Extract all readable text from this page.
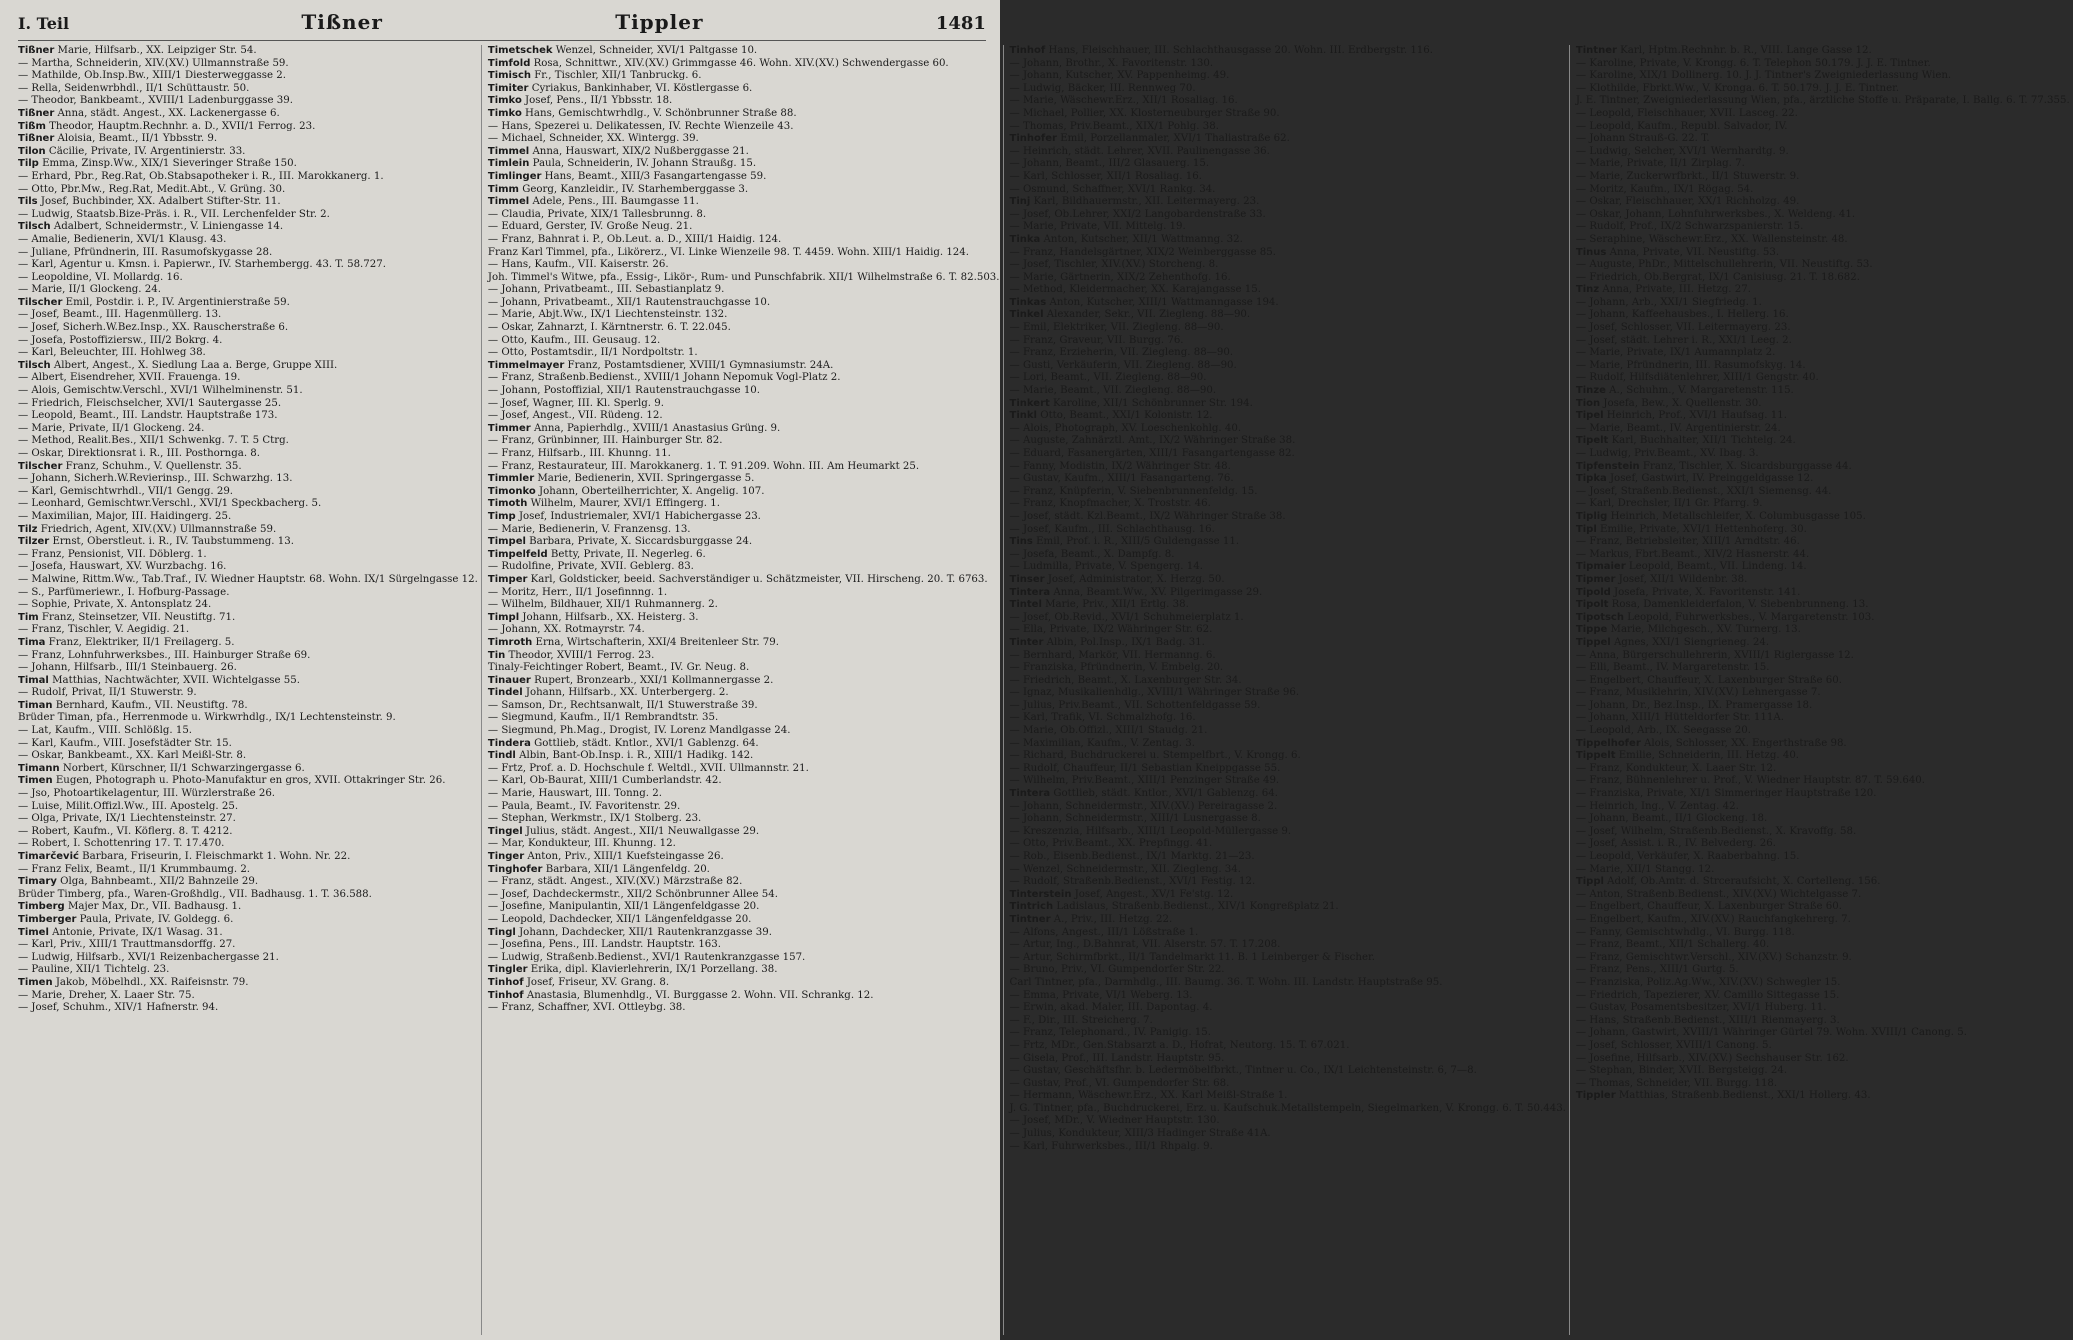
I. Teil	Tißner	Tippler	1481
Tißner Marie, Hilfsarb., XX. Leipziger Str. 54.
— Martha, Schneiderin, XIV.(XV.) Ullmannstraße 59.
— Mathilde, Ob.Insp.Bw., XIII/1 Diesterweggasse 2.
— Rella, Seidenwrbhdl., II/1 Schüttaustr. 50.
— Theodor, Bankbeamt., XVIII/1 Ladenburggasse 39.
Tißner Anna, städt. Angest., XX. Lackenergasse 6.
Tißm Theodor, Hauptm.Rechnhr. a. D., XVII/1 Ferrog. 23.
Tißner Aloisia, Beamt., II/1 Ybbsstr. 9.
Tilon Cäcilie, Private, IV. Argentinierstr. 33.
Tilp Emma, Zinsp.Ww., XIX/1 Sieveringer Straße 150.
— Erhard, Pbr., Reg.Rat, Ob.Stabsapotheker i. R., III. Marokkanerg. 1.
— Otto, Pbr.Mw., Reg.Rat, Medit.Abt., V. Grüng. 30.
Tils Josef, Buchbinder, XX. Adalbert Stifter-Str. 11.
— Ludwig, Staatsb.Bize-Präs. i. R., VII. Lerchenfelder Str. 2.
Tilsch Adalbert, Schneidermstr., V. Liniengasse 14.
— Amalie, Bedienerin, XVI/1 Klausg. 43.
— Juliane, Pfründnerin, III. Rasumofskygasse 28.
— Karl, Agentur u. Kmsn. i. Papierwr., IV. Starhembergg. 43. T. 58.727.
— Leopoldine, VI. Mollardg. 16.
— Marie, II/1 Glockeng. 24.
Tilscher Emil, Postdir. i. P., IV. Argentinierstraße 59.
— Josef, Beamt., III. Hagenmüllerg. 13.
— Josef, Sicherh.W.Bez.Insp., XX. Rauscherstraße 6.
— Josefa, Postoffiziersw., III/2 Bokrg. 4.
— Karl, Beleuchter, III. Hohlweg 38.
Tilsch Albert, Angest., X. Siedlung Laa a. Berge, Gruppe XIII.
— Albert, Eisendreher, XVII. Frauenga. 19.
— Alois, Gemischtw.Verschl., XVI/1 Wilhelminenstr. 51.
— Friedrich, Fleischselcher, XVI/1 Sautergasse 25.
— Leopold, Beamt., III. Landstr. Hauptstraße 173.
— Marie, Private, II/1 Glockeng. 24.
— Method, Realit.Bes., XII/1 Schwenkg. 7. T. 5 Ctrg.
— Oskar, Direktionsrat i. R., III. Posthornga. 8.
Tilscher Franz, Schuhm., V. Quellenstr. 35.
— Johann, Sicherh.W.Revierinsp., III. Schwarzhg. 13.
— Karl, Gemischtwrhdl., VII/1 Gengg. 29.
— Leonhard, Gemischtwr.Verschl., XVI/1 Speckbacherg. 5.
— Maximilian, Major, III. Haidingerg. 25.
Tilz Friedrich, Agent, XIV.(XV.) Ullmannstraße 59.
Tilzer Ernst, Oberstleut. i. R., IV. Taubstummeng. 13.
— Franz, Pensionist, VII. Döblerg. 1.
— Josefa, Hauswart, XV. Wurzbachg. 16.
— Malwine, Rittm.Ww., Tab.Traf., IV. Wiedner Hauptstr. 68. Wohn. IX/1 Sürgelngasse 12.
— S., Parfümeriewr., I. Hofburg-Passage.
— Sophie, Private, X. Antonsplatz 24.
Tim Franz, Steinsetzer, VII. Neustiftg. 71.
— Franz, Tischler, V. Aegidig. 21.
Tima Franz, Elektriker, II/1 Freilagerg. 5.
— Franz, Lohnfuhrwerksbes., III. Hainburger Straße 69.
— Johann, Hilfsarb., III/1 Steinbauerg. 26.
Timal Matthias, Nachtwächter, XVII. Wichtelgasse 55.
— Rudolf, Privat, II/1 Stuwerstr. 9.
Timan Bernhard, Kaufm., VII. Neustiftg. 78.
Brüder Timan, pfa., Herrenmode u. Wirkwrhdlg., IX/1 Lechtensteinstr. 9.
— Lat, Kaufm., VIII. Schlößlg. 15.
— Karl, Kaufm., VIII. Josefstädter Str. 15.
— Oskar, Bankbeamt., XX. Karl Meißl-Str. 8.
Timann Norbert, Kürschner, II/1 Schwarzingergasse 6.
Timen Eugen, Photograph u. Photo-Manufaktur en gros, XVII. Ottakringer Str. 26.
— Jso, Photoartikelagentur, III. Würzlerstraße 26.
— Luise, Milit.Offizl.Ww., III. Apostelg. 25.
— Olga, Private, IX/1 Liechtensteinstr. 27.
— Robert, Kaufm., VI. Köflerg. 8. T. 4212.
— Robert, I. Schottenring 17. T. 17.470.
Timarčević Barbara, Friseurin, I. Fleischmarkt 1. Wohn. Nr. 22.
— Franz Felix, Beamt., II/1 Krummbaumg. 2.
Timary Olga, Bahnbeamt., XII/2 Bahnzeile 29.
Brüder Timberg, pfa., Waren-Großhdlg., VII. Badhausg. 1. T. 36.588.
Timberg Majer Max, Dr., VII. Badhausg. 1.
Timberger Paula, Private, IV. Goldegg. 6.
Timel Antonie, Private, IX/1 Wasag. 31.
— Karl, Priv., XIII/1 Trauttmansdorffg. 27.
— Ludwig, Hilfsarb., XVI/1 Reizenbachergasse 21.
— Pauline, XII/1 Tichtelg. 23.
Timen Jakob, Möbelhdl., XX. Raifeisnstr. 79.
— Marie, Dreher, X. Laaer Str. 75.
— Josef, Schuhm., XIV/1 Hafnerstr. 94.
Timetschek Wenzel, Schneider, XVI/1 Paltgasse 10.
Timfold Rosa, Schnittwr., XIV.(XV.) Grimmgasse 46. Wohn. XIV.(XV.) Schwendergasse 60.
Timisch Fr., Tischler, XII/1 Tanbruckg. 6.
Timiter Cyriakus, Bankinhaber, VI. Köstlergasse 6.
Timko Josef, Pens., II/1 Ybbsstr. 18.
Timko Hans, Gemischtwrhdlg., V. Schönbrunner Straße 88.
— Hans, Spezerei u. Delikatessen, IV. Rechte Wienzeile 43.
— Michael, Schneider, XX. Wintergg. 39.
Timmel Anna, Hauswart, XIX/2 Nußberggasse 21.
Timlein Paula, Schneiderin, IV. Johann Straußg. 15.
Timlinger Hans, Beamt., XIII/3 Fasangartengasse 59.
Timm Georg, Kanzleidir., IV. Starhemberggasse 3.
Timmel Adele, Pens., III. Baumgasse 11.
— Claudia, Private, XIX/1 Tallesbrunng. 8.
— Eduard, Gerster, IV. Große Neug. 21.
— Franz, Bahnrat i. P., Ob.Leut. a. D., XIII/1 Haidig. 124.
Franz Karl Timmel, pfa., Likörerz., VI. Linke Wienzeile 98. T. 4459. Wohn. XIII/1 Haidig. 124.
— Hans, Kaufm., VII. Kaiserstr. 26.
Joh. Timmel's Witwe, pfa., Essig-, Likör-, Rum- und Punschfabrik. XII/1 Wilhelmstraße 6. T. 82.503.
— Johann, Privatbeamt., III. Sebastianplatz 9.
— Johann, Privatbeamt., XII/1 Rautenstrauchgasse 10.
— Marie, Abjt.Ww., IX/1 Liechtensteinstr. 132.
— Oskar, Zahnarzt, I. Kärntnerstr. 6. T. 22.045.
— Otto, Kaufm., III. Geusaug. 12.
— Otto, Postamtsdir., II/1 Nordpoltstr. 1.
Timmelmayer Franz, Postamtsdiener, XVIII/1 Gymnasiumstr. 24A.
— Franz, Straßenb.Bedienst., XVIII/1 Johann Nepomuk Vogl-Platz 2.
— Johann, Postoffizial, XII/1 Rautenstrauchgasse 10.
— Josef, Wagner, III. Kl. Sperlg. 9.
— Josef, Angest., VII. Rüdeng. 12.
Timmer Anna, Papierhdlg., XVIII/1 Anastasius Grüng. 9.
— Franz, Grünbinner, III. Hainburger Str. 82.
— Franz, Hilfsarb., III. Khunng. 11.
— Franz, Restaurateur, III. Marokkanerg. 1. T. 91.209. Wohn. III. Am Heumarkt 25.
Timmler Marie, Bedienerin, XVII. Springergasse 5.
Timonko Johann, Oberteilherrichter, X. Angelig. 107.
Timoth Wilhelm, Maurer, XVI/1 Effingerg. 1.
Timp Josef, Industriemaler, XVI/1 Habichergasse 23.
— Marie, Bedienerin, V. Franzensg. 13.
Timpel Barbara, Private, X. Siccardsburggasse 24.
Timpelfeld Betty, Private, II. Negerleg. 6.
— Rudolfine, Private, XVII. Geblerg. 83.
Timper Karl, Goldsticker, beeid. Sachverständiger u. Schätzmeister, VII. Hirscheng. 20. T. 6763.
— Moritz, Herr., II/1 Josefinnng. 1.
— Wilhelm, Bildhauer, XII/1 Ruhmannerg. 2.
Timpl Johann, Hilfsarb., XX. Heisterg. 3.
— Johann, XX. Rotmayrstr. 74.
Timroth Erna, Wirtschafterin, XXI/4 Breitenleer Str. 79.
Tin Theodor, XVIII/1 Ferrog. 23.
Tinaly-Feichtinger Robert, Beamt., IV. Gr. Neug. 8.
Tinauer Rupert, Bronzearb., XXI/1 Kollmannergasse 2.
Tindel Johann, Hilfsarb., XX. Unterbergerg. 2.
— Samson, Dr., Rechtsanwalt, II/1 Stuwerstraße 39.
— Siegmund, Kaufm., II/1 Rembrandtstr. 35.
— Siegmund, Ph.Mag., Drogist, IV. Lorenz Mandlgasse 24.
Tindera Gottlieb, städt. Kntlor., XVI/1 Gablenzg. 64.
Tindl Albin, Bant-Ob.Insp. i. R., XIII/1 Hadikg. 142.
— Frtz, Prof. a. D. Hochschule f. Weltdl., XVII. Ullmannstr. 21.
— Karl, Ob-Baurat, XIII/1 Cumberlandstr. 42.
— Marie, Hauswart, III. Tonng. 2.
— Paula, Beamt., IV. Favoritenstr. 29.
— Stephan, Werkmstr., IX/1 Stolberg. 23.
Tingel Julius, städt. Angest., XII/1 Neuwallgasse 29.
— Mar, Kondukteur, III. Khunng. 12.
Tinger Anton, Priv., XIII/1 Kuefsteingasse 26.
Tinghofer Barbara, XII/1 Längenfeldg. 20.
— Franz, städt. Angest., XIV.(XV.) Märzstraße 82.
— Josef, Dachdeckermstr., XII/2 Schönbrunner Allee 54.
— Josefine, Manipulantin, XII/1 Längenfeldgasse 20.
— Leopold, Dachdecker, XII/1 Längenfeldgasse 20.
Tingl Johann, Dachdecker, XII/1 Rautenkranzgasse 39.
— Josefina, Pens., III. Landstr. Hauptstr. 163.
— Ludwig, Straßenb.Bedienst., XVI/1 Rautenkranzgasse 157.
Tingler Erika, dipl. Klavierlehrerin, IX/1 Porzellang. 38.
Tinhof Josef, Friseur, XV. Grang. 8.
Tinhof Anastasia, Blumenhdlg., VI. Burggasse 2. Wohn. VII. Schrankg. 12.
— Franz, Schaffner, XVI. Ottleybg. 38.
Tinhof Hans, Fleischhauer, III. Schlachthausgasse 20. Wohn. III. Erdbergstr. 116.
— Johann, Brothr., X. Favoritenstr. 130.
— Johann, Kutscher, XV. Pappenheimg. 49.
— Ludwig, Bäcker, III. Rennweg 70.
— Marie, Wäschewr.Erz., XII/1 Rosaliag. 16.
— Michael, Pollier, XX. Klosterneuburger Straße 90.
— Thomas, Priv.Beamt., XIX/1 Pohlg. 38.
Tinhofer Emil, Porzellanmaler, XVI/1 Thaliastraße 62.
— Heinrich, städt. Lehrer, XVII. Paulinengasse 36.
— Johann, Beamt., III/2 Glasauerg. 15.
— Karl, Schlosser, XII/1 Rosaliag. 16.
— Osmund, Schaffner, XVI/1 Rankg. 34.
Tinj Karl, Bildhauermstr., XII. Leitermayerg. 23.
— Josef, Ob.Lehrer, XXI/2 Langobardenstraße 33.
— Marie, Private, VII. Mittelg. 19.
Tinka Anton, Kutscher, XII/1 Wattmanng. 32.
— Franz, Handelsgärtner, XIX/2 Weinberggasse 85.
— Josef, Tischler, XIV.(XV.) Storcheng. 8.
— Marie, Gärtnerin, XIX/2 Zehenthofg. 16.
— Method, Kleidermacher, XX. Karajangasse 15.
Tinkas Anton, Kutscher, XIII/1 Wattmanngasse 194.
Tinkel Alexander, Sekr., VII. Ziegleng. 88—90.
— Emil, Elektriker, VII. Ziegleng. 88—90.
— Franz, Graveur, VII. Burgg. 76.
— Franz, Erzieherin, VII. Ziegleng. 88—90.
— Gusti, Verkäuferin, VII. Ziegleng. 88—90.
— Lori, Beamt., VII. Ziegleng. 88—90.
— Marie, Beamt., VII. Ziegleng. 88—90.
Tinkert Karoline, XII/1 Schönbrunner Str. 194.
Tinkl Otto, Beamt., XXI/1 Kolonistr. 12.
— Alois, Photograph, XV. Loeschenkohlg. 40.
— Auguste, Zahnärztl. Amt., IX/2 Währinger Straße 38.
— Eduard, Fasanergärten, XIII/1 Fasangartengasse 82.
— Fanny, Modistin, IX/2 Währinger Str. 48.
— Gustav, Kaufm., XIII/1 Fasangarteng. 76.
— Franz, Knüpferin, V. Siebenbrunnenfeldg. 15.
— Franz, Knopfmacher, X. Troststr. 46.
— Josef, städt. Kzl.Beamt., IX/2 Währinger Straße 38.
— Josef, Kaufm., III. Schlachthausg. 16.
Tins Emil, Prof. i. R., XIII/5 Guldengasse 11.
— Josefa, Beamt., X. Dampfg. 8.
— Ludmilla, Private, V. Spengerg. 14.
Tinser Josef, Administrator, X. Herzg. 50.
Tintera Anna, Beamt.Ww., XV. Pilgerimgasse 29.
Tintel Marie, Priv., XII/1 Ertlg. 38.
— Josef, Ob.Revid., XVI/1 Schuhmeierplatz 1.
— Ella, Private, IX/2 Währinger Str. 62.
Tinter Albin, Pol.Insp., IX/1 Badg. 31.
— Bernhard, Markör, VII. Hermanng. 6.
— Franziska, Pfründnerin, V. Embelg. 20.
— Friedrich, Beamt., X. Laxenburger Str. 34.
— Ignaz, Musikalienhdlg., XVIII/1 Währinger Straße 96.
— Julius, Priv.Beamt., VII. Schottenfeldgasse 59.
— Karl, Trafik, VI. Schmalzhofg. 16.
— Marie, Ob.Offizl., XIII/1 Staudg. 21.
— Maximilian, Kaufm., V. Zentag. 3.
— Richard, Buchdruckerei u. Stempelfbrt., V. Krongg. 6.
— Rudolf, Chauffeur, II/1 Sebastian Kneippgasse 55.
— Wilhelm, Priv.Beamt., XIII/1 Penzinger Straße 49.
Tintera Gottlieb, städt. Kntlor., XVI/1 Gablenzg. 64.
— Johann, Schneidermstr., XIV.(XV.) Pereiragasse 2.
— Johann, Schneidermstr., XIII/1 Lusnergasse 8.
— Kreszenzia, Hilfsarb., XIII/1 Leopold-Müllergasse 9.
— Otto, Priv.Beamt., XX. Prepfingg. 41.
— Rob., Eisenb.Bedienst., IX/1 Marktg. 21—23.
— Wenzel, Schneidermstr., XII. Ziegleng. 34.
— Rudolf, Straßenb.Bedienst., XVI/1 Festig. 12.
Tinterstein Josef, Angest., XV/1 Fe'stg. 12.
Tintrich Ladislaus, Straßenb.Bedienst., XIV/1 Kongreßplatz 21.
Tintner A., Priv., III. Hetzg. 22.
— Alfons, Angest., III/1 Lößstraße 1.
— Artur, Ing., D.Bahnrat, VII. Alserstr. 57. T. 17.208.
— Artur, Schirmfbrkt., II/1 Tandelmarkt 11. B. 1 Leinberger & Fischer.
— Bruno, Priv., VI. Gumpendorfer Str. 22.
Carl Tintner, pfa., Darmhdlg., III. Baumg. 36. T. Wohn. III. Landstr. Hauptstraße 95.
— Emma, Private, VI/1 Weberg. 13.
— Erwin, akad. Maler, III. Dapontag. 4.
— F., Dir., III. Streicherg. 7.
— Franz, Telephonard., IV. Panigig. 15.
— Frtz, MDr., Gen.Stabsarzt a. D., Hofrat, Neutorg. 15. T. 67.021.
— Gisela, Prof., III. Landstr. Hauptstr. 95.
— Gustav, Geschäftsfhr. b. Ledermöbelfbrkt., Tintner u. Co., IX/1 Leichtensteinstr. 6, 7—8.
— Gustav, Prof., VI. Gumpendorfer Str. 68.
— Hermann, Wäschewr.Erz., XX. Karl Meißl-Straße 1.
J. G. Tintner, pfa., Buchdruckerei, Erz. u. Kaufschuk.Metallstempeln, Siegelmarken, V. Krongg. 6. T. 50.443.
— Josef, MDr., V. Wiedner Hauptstr. 130.
— Julius, Kondukteur, XIII/3 Hadinger Straße 41A.
— Karl, Fuhrwerksbes., III/1 Rhpalg. 9.
Tintner Karl, Hptm.Rechnhr. b. R., VIII. Lange Gasse 12.
— Karoline, Private, V. Krongg. 6. T. Telephon 50.179. J. J. E. Tintner.
— Karoline, XIX/1 Dollinerg. 10. J. J. Tintner's Zweigniederlassung Wien.
— Klothilde, Fbrkt.Ww., V. Kronga. 6. T. 50.179. J. J. E. Tintner.
J. E. Tintner, Zweigniederlassung Wien, pfa., ärztliche Stoffe u. Präparate, I. Ballg. 6. T. 77.355.
— Leopold, Fleischhauer, XVII. Lasceg. 22.
— Leopold, Kaufm., Republ. Salvador, IV.
— Johann Strauß-G. 22. T.
— Ludwig, Selcher, XVI/1 Wernhardtg. 9.
— Marie, Private, II/1 Zirplag. 7.
— Marie, Zuckerwrfbrkt., II/1 Stuwerstr. 9.
— Moritz, Kaufm., IX/1 Rögag. 54.
— Oskar, Fleischhauer, XX/1 Richholzg. 49.
— Oskar, Johann, Lohnfuhrwerksbes., X. Weldeng. 41.
— Rudolf, Prof., IX/2 Schwarzspanierstr. 15.
— Seraphine, Wäschewr.Erz., XX. Wallensteinstr. 48.
Tinus Anna, Private, VII. Neustiftg. 53.
— Auguste, PhDr., Mittelschullehrerin, VII. Neustiftg. 53.
— Friedrich, Ob.Bergrat, IX/1 Canisiusg. 21. T. 18.682.
Tinz Anna, Private, III. Hetzg. 27.
— Johann, Arb., XXI/1 Siegfriedg. 1.
— Johann, Kaffeehausbes., I. Hellerg. 16.
— Josef, Schlosser, VII. Leitermayerg. 23.
— Josef, städt. Lehrer i. R., XXI/1 Leeg. 2.
— Marie, Private, IX/1 Aumannplatz 2.
— Marie, Pfründnerin, III. Rasumofskyg. 14.
— Rudolf, Hilfsdiätenlehrer, XIII/1 Gengstr. 40.
Tinze A., Schuhm., V. Margaretenstr. 115.
Tion Josefa, Bew., X. Quellenstr. 30.
Tipel Heinrich, Prof., XVI/1 Haufsag. 11.
— Marie, Beamt., IV. Argentinierstr. 24.
Tipelt Karl, Buchhalter, XII/1 Tichtelg. 24.
— Ludwig, Priv.Beamt., XV. Ibag. 3.
Tipfenstein Franz, Tischler, X. Sicardsburggasse 44.
Tipka Josef, Gastwirt, IV. Preinggeldgasse 12.
— Josef, Straßenb.Bedienst., XXI/1 Siemensg. 44.
— Karl, Drechsler, II/1 Gr. Pfarrg. 9.
Tiplig Heinrich, Metallschleifer, X. Columbusgasse 105.
Tipl Emilie, Private, XVI/1 Hettenhoferg. 30.
— Franz, Betriebsleiter, XIII/1 Arndtstr. 46.
— Markus, Fbrt.Beamt., XIV/2 Hasnerstr. 44.
Tipmaier Leopold, Beamt., VII. Lindeng. 14.
Tipmer Josef, XII/1 Wildenbr. 38.
Tipold Josefa, Private, X. Favoritenstr. 141.
Tipolt Rosa, Damenkleiderfalon, V. Siebenbrunneng. 13.
Tipotsch Leopold, Fuhrwerksbes., V. Margaretenstr. 103.
Tippe Marie, Milchgesch., XV. Turnerg. 13.
Tippel Agnes, XXI/1 Siengrieneg. 24.
— Anna, Bürgerschullehrerin, XVIII/1 Riglergasse 12.
— Elli, Beamt., IV. Margaretenstr. 15.
— Engelbert, Chauffeur, X. Laxenburger Straße 60.
— Franz, Musiklehrin, XIV.(XV.) Lehnergasse 7.
— Johann, Dr., Bez.Insp., IX. Pramergasse 18.
— Johann, XIII/1 Hütteldorfer Str. 111A.
— Leopold, Arb., IX. Seegasse 20.
Tippelhofer Alois, Schlosser, XX. Engerthstraße 98.
Tippelt Emilie, Schneiderin, III. Hetzg. 40.
— Franz, Kondukteur, X. Laaer Str. 12.
— Franz, Bühnenlehrer u. Prof., V. Wiedner Hauptstr. 87. T. 59.640.
— Franziska, Private, XI/1 Simmeringer Hauptstraße 120.
— Heinrich, Ing., V. Zentag. 42.
— Johann, Beamt., II/1 Glockeng. 18.
— Josef, Wilhelm, Straßenb.Bedienst., X. Kravoffg. 58.
— Josef, Assist. i. R., IV. Belvederg. 26.
— Leopold, Verkäufer, X. Raaberbahng. 15.
— Marie, XII/1 Stangg. 12.
Tippl Adolf, Ob.Amtr. d. Strceraufsicht, X. Cortelleng. 156.
— Anton, Straßenb.Bedienst., XIV.(XV.) Wichtelgasse 7.
— Engelbert, Chauffeur, X. Laxenburger Straße 60.
— Engelbert, Kaufm., XIV.(XV.) Rauchfangkehrerg. 7.
— Fanny, Gemischtwhdlg., VI. Burgg. 118.
— Franz, Beamt., XII/1 Schallerg. 40.
— Franz, Gemischtwr.Verschl., XIV.(XV.) Schanzstr. 9.
— Franz, Pens., XIII/1 Gurtg. 5.
— Franziska, Poliz.Ag.Ww., XIV.(XV.) Schwegler 15.
— Friedrich, Tapezierer, XV. Camillo Sittegasse 15.
— Gustav, Posamentsbesitzer, XVI/1 Huberg. 11.
— Hans, Straßenb.Bedienst., XIII/1 Rienmayerg. 3.
— Johann, Gastwirt, XVIII/1 Währinger Gürtel 79. Wohn. XVIII/1 Canong. 5.
— Josef, Schlosser, XVIII/1 Canong. 5.
— Josefine, Hilfsarb., XIV.(XV.) Sechshauser Str. 162.
— Stephan, Binder, XVII. Bergsteigg. 24.
— Thomas, Schneider, VII. Burgg. 118.
Tippler Matthias, Straßenb.Bedienst., XXI/1 Hollerg. 43.
